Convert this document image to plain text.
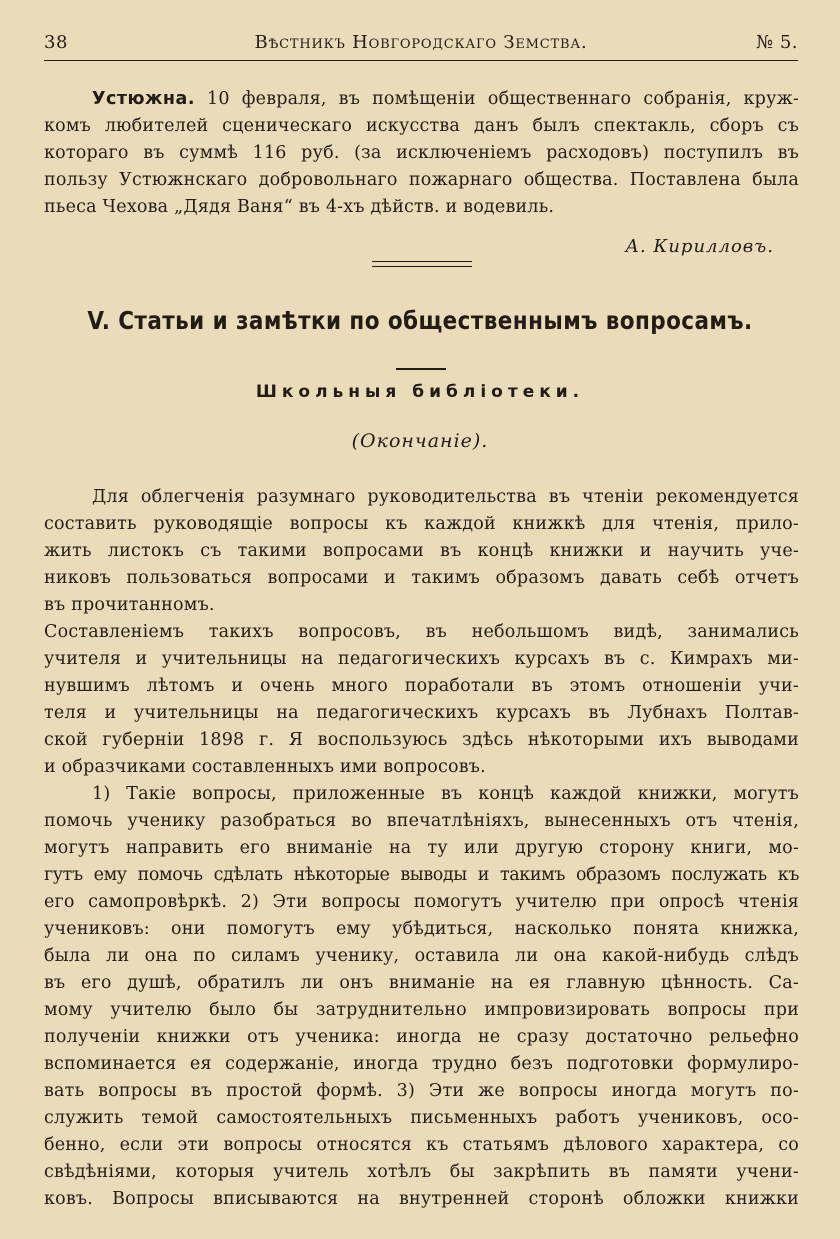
38	Вѣстникъ Новгородскаго Земства.	№ 5.
Устюжна. 10 февраля, въ помѣщеніи общественнаго собранія, круж-
комъ любителей сценическаго искусства данъ былъ спектакль, сборъ съ
котораго въ суммѣ 116 руб. (за исключеніемъ расходовъ) поступилъ въ
пользу Устюжнскаго добровольнаго пожарнаго общества. Поставлена была
пьеса Чехова „Дядя Ваня“ въ 4-хъ дѣйств. и водевиль.
А. Кирилловъ.
V. Статьи и замѣтки по общественнымъ вопросамъ.
Школьныя библіотеки.
(Окончаніе).
Для облегченія разумнаго руководительства въ чтеніи рекомендуется
составить руководящіе вопросы къ каждой книжкѣ для чтенія, прило-
жить листокъ съ такими вопросами въ концѣ книжки и научить уче-
никовъ пользоваться вопросами и такимъ образомъ давать себѣ отчетъ
въ прочитанномъ.
Составленіемъ такихъ вопросовъ, въ небольшомъ видѣ, занимались
учителя и учительницы на педагогическихъ курсахъ въ с. Кимрахъ ми-
нувшимъ лѣтомъ и очень много поработали въ этомъ отношеніи учи-
теля и учительницы на педагогическихъ курсахъ въ Лубнахъ Полтав-
ской губерніи 1898 г. Я воспользуюсь здѣсь нѣкоторыми ихъ выводами
и образчиками составленныхъ ими вопросовъ.
1) Такіе вопросы, приложенные въ концѣ каждой книжки, могутъ
помочь ученику разобраться во впечатлѣніяхъ, вынесенныхъ отъ чтенія,
могутъ направить его вниманіе на ту или другую сторону книги, мо-
гутъ ему помочь сдѣлать нѣкоторые выводы и такимъ образомъ послужать къ
его самопровѣркѣ. 2) Эти вопросы помогутъ учителю при опросѣ чтенія
учениковъ: они помогутъ ему убѣдиться, насколько понята книжка,
была ли она по силамъ ученику, оставила ли она какой-нибудь слѣдъ
въ его душѣ, обратилъ ли онъ вниманіе на ея главную цѣнность. Са-
мому учителю было бы затруднительно импровизировать вопросы при
полученіи книжки отъ ученика: иногда не сразу достаточно рельефно
вспоминается ея содержаніе, иногда трудно безъ подготовки формулиро-
вать вопросы въ простой формѣ. 3) Эти же вопросы иногда могутъ по-
служить темой самостоятельныхъ письменныхъ работъ учениковъ, осо-
бенно, если эти вопросы относятся къ статьямъ дѣлового характера, со
свѣдѣніями, которыя учитель хотѣлъ бы закрѣпить въ памяти учени-
ковъ. Вопросы вписываются на внутренней сторонѣ обложки книжки
